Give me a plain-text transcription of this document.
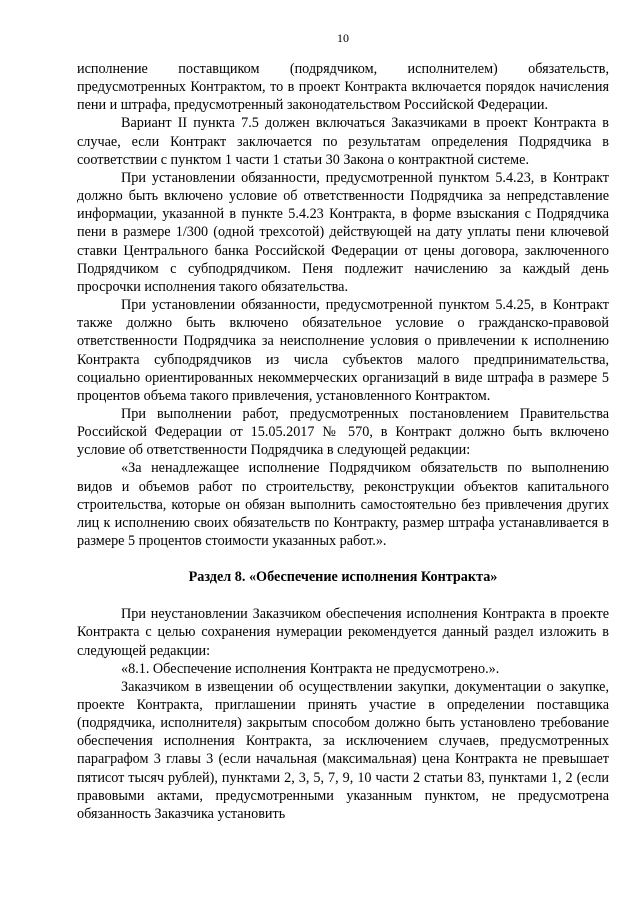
10

исполнение поставщиком (подрядчиком, исполнителем) обязательств, предусмотренных Контрактом, то в проект Контракта включается порядок начисления пени и штрафа, предусмотренный законодательством Российской Федерации.

Вариант II пункта 7.5 должен включаться Заказчиками в проект Контракта в случае, если Контракт заключается по результатам определения Подрядчика в соответствии с пунктом 1 части 1 статьи 30 Закона о контрактной системе.

При установлении обязанности, предусмотренной пунктом 5.4.23, в Контракт должно быть включено условие об ответственности Подрядчика за непредставление информации, указанной в пункте 5.4.23 Контракта, в форме взыскания с Подрядчика пени в размере 1/300 (одной трехсотой) действующей на дату уплаты пени ключевой ставки Центрального банка Российской Федерации от цены договора, заключенного Подрядчиком с субподрядчиком. Пеня подлежит начислению за каждый день просрочки исполнения такого обязательства.

При установлении обязанности, предусмотренной пунктом 5.4.25, в Контракт также должно быть включено обязательное условие о гражданско-правовой ответственности Подрядчика за неисполнение условия о привлечении к исполнению Контракта субподрядчиков из числа субъектов малого предпринимательства, социально ориентированных некоммерческих организаций в виде штрафа в размере 5 процентов объема такого привлечения, установленного Контрактом.

При выполнении работ, предусмотренных постановлением Правительства Российской Федерации от 15.05.2017 № 570, в Контракт должно быть включено условие об ответственности Подрядчика в следующей редакции:

«За ненадлежащее исполнение Подрядчиком обязательств по выполнению видов и объемов работ по строительству, реконструкции объектов капитального строительства, которые он обязан выполнить самостоятельно без привлечения других лиц к исполнению своих обязательств по Контракту, размер штрафа устанавливается в размере 5 процентов стоимости указанных работ.».

Раздел 8. «Обеспечение исполнения Контракта»

При неустановлении Заказчиком обеспечения исполнения Контракта в проекте Контракта с целью сохранения нумерации рекомендуется данный раздел изложить в следующей редакции:

«8.1. Обеспечение исполнения Контракта не предусмотрено.».

Заказчиком в извещении об осуществлении закупки, документации о закупке, проекте Контракта, приглашении принять участие в определении поставщика (подрядчика, исполнителя) закрытым способом должно быть установлено требование обеспечения исполнения Контракта, за исключением случаев, предусмотренных параграфом 3 главы 3 (если начальная (максимальная) цена Контракта не превышает пятисот тысяч рублей), пунктами 2, 3, 5, 7, 9, 10 части 2 статьи 83, пунктами 1, 2 (если правовыми актами, предусмотренными указанным пунктом, не предусмотрена обязанность Заказчика установить
